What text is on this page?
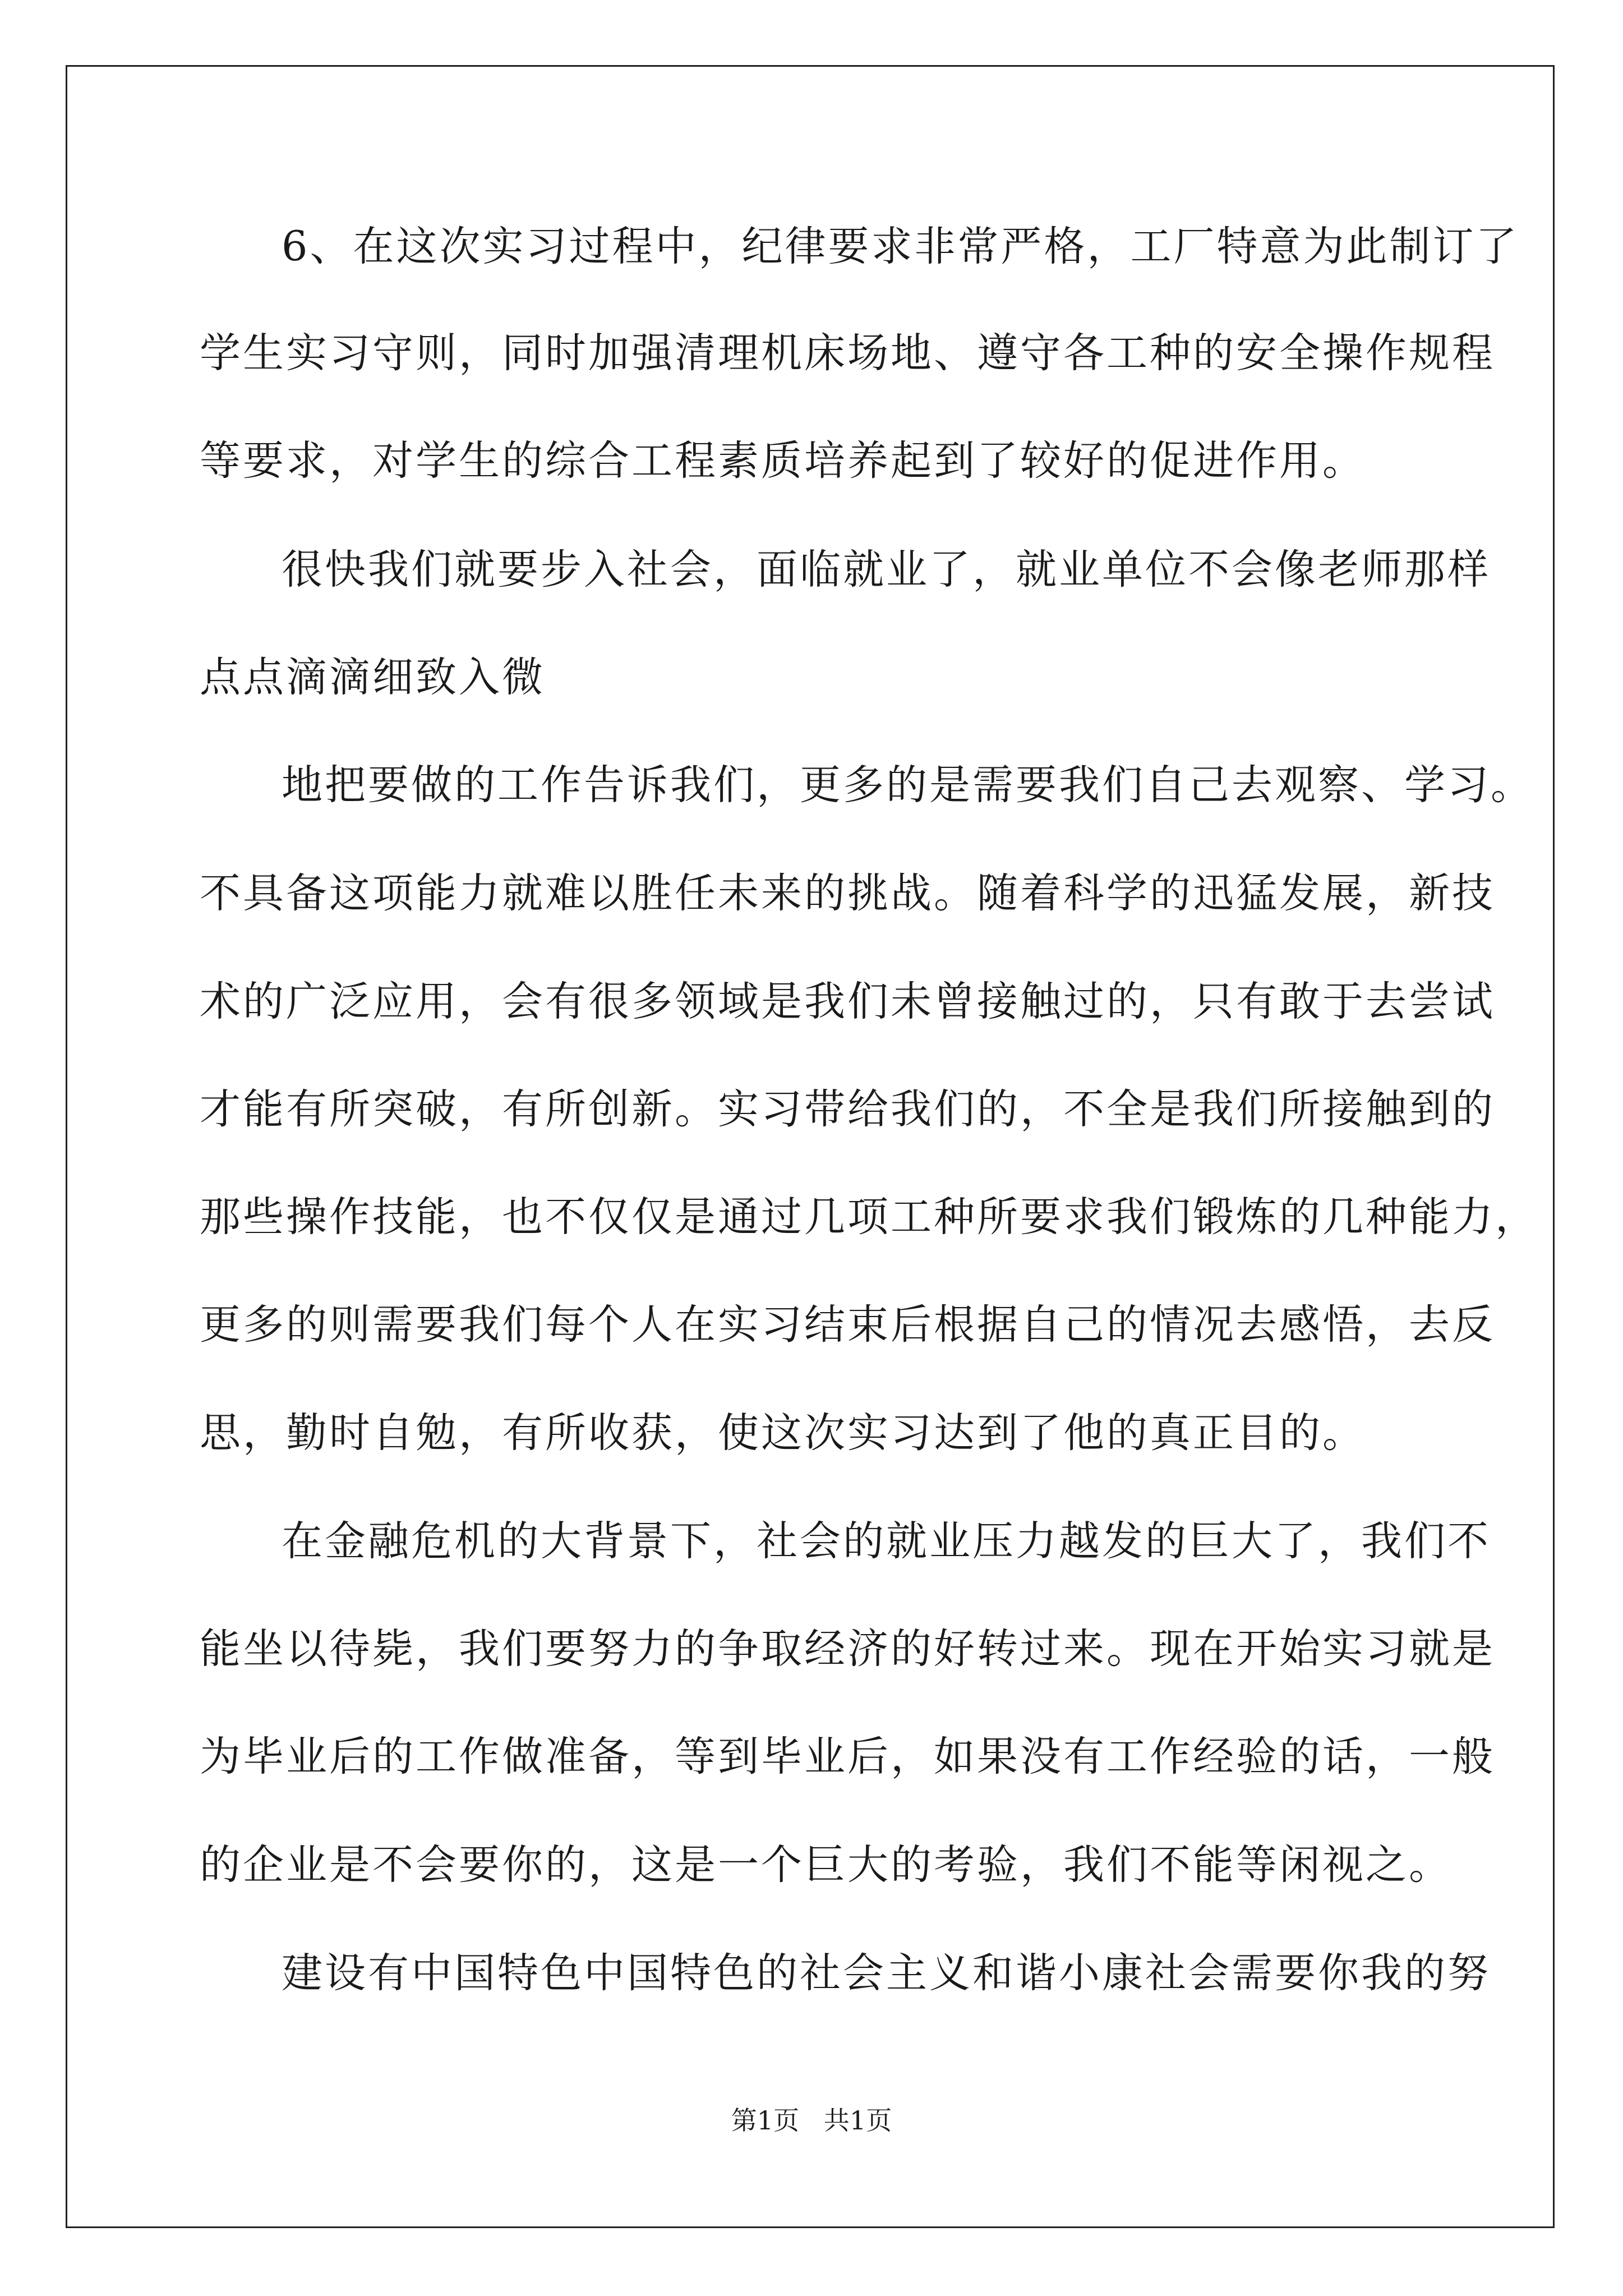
6、在这次实习过程中，纪律要求非常严格，工厂特意为此制订了
学生实习守则，同时加强清理机床场地、遵守各工种的安全操作规程
等要求，对学生的综合工程素质培养起到了较好的促进作用。
很快我们就要步入社会，面临就业了，就业单位不会像老师那样
点点滴滴细致入微
地把要做的工作告诉我们，更多的是需要我们自己去观察、学习。
不具备这项能力就难以胜任未来的挑战。随着科学的迅猛发展，新技
术的广泛应用，会有很多领域是我们未曾接触过的，只有敢于去尝试
才能有所突破，有所创新。实习带给我们的，不全是我们所接触到的
那些操作技能，也不仅仅是通过几项工种所要求我们锻炼的几种能力，
更多的则需要我们每个人在实习结束后根据自己的情况去感悟，去反
思，勤时自勉，有所收获，使这次实习达到了他的真正目的。
在金融危机的大背景下，社会的就业压力越发的巨大了，我们不
能坐以待毙，我们要努力的争取经济的好转过来。现在开始实习就是
为毕业后的工作做准备，等到毕业后，如果没有工作经验的话，一般
的企业是不会要你的，这是一个巨大的考验，我们不能等闲视之。
建设有中国特色中国特色的社会主义和谐小康社会需要你我的努
第1页   共1页
